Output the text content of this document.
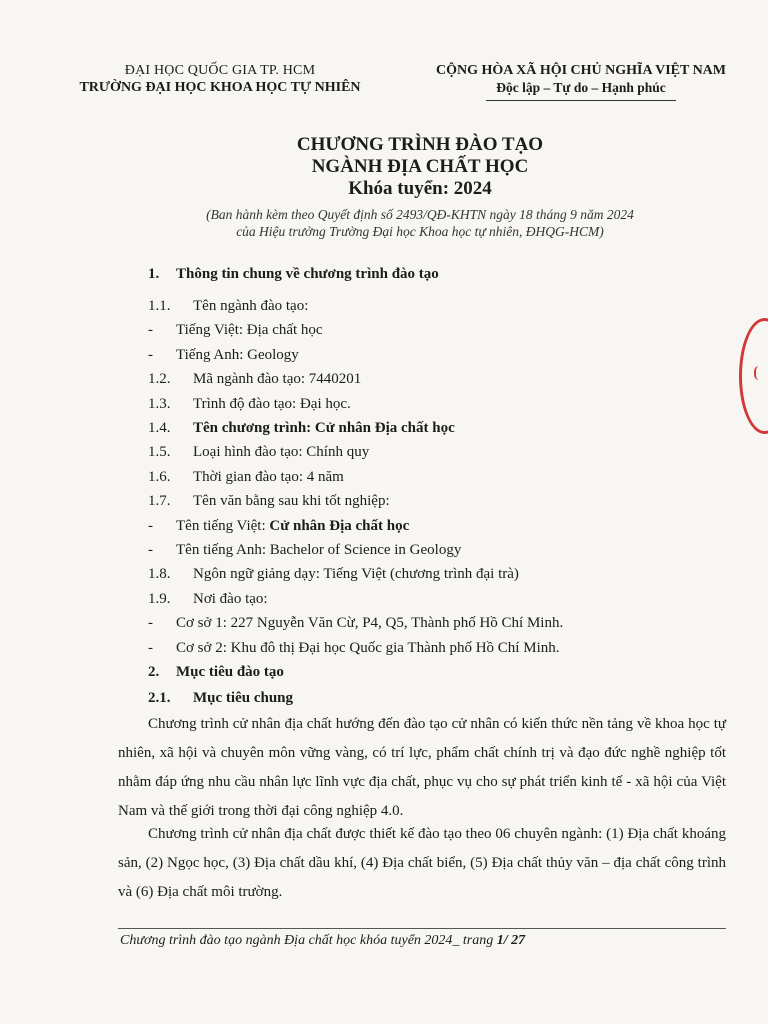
ĐẠI HỌC QUỐC GIA TP. HCM
TRƯỜNG ĐẠI HỌC KHOA HỌC TỰ NHIÊN
CỘNG HÒA XÃ HỘI CHỦ NGHĨA VIỆT NAM
Độc lập – Tự do – Hạnh phúc
CHƯƠNG TRÌNH ĐÀO TẠO
NGÀNH ĐỊA CHẤT HỌC
Khóa tuyển: 2024
(Ban hành kèm theo Quyết định số 2493/QĐ-KHTN ngày 18 tháng 9 năm 2024
của Hiệu trưởng Trường Đại học Khoa học tự nhiên, ĐHQG-HCM)
1. Thông tin chung về chương trình đào tạo
1.1. Tên ngành đào tạo:
- Tiếng Việt: Địa chất học
- Tiếng Anh: Geology
1.2. Mã ngành đào tạo: 7440201
1.3. Trình độ đào tạo: Đại học.
1.4. Tên chương trình: Cử nhân Địa chất học
1.5. Loại hình đào tạo: Chính quy
1.6. Thời gian đào tạo: 4 năm
1.7. Tên văn bằng sau khi tốt nghiệp:
- Tên tiếng Việt: Cử nhân Địa chất học
- Tên tiếng Anh: Bachelor of Science in Geology
1.8. Ngôn ngữ giảng dạy: Tiếng Việt (chương trình đại trà)
1.9. Nơi đào tạo:
- Cơ sở 1: 227 Nguyễn Văn Cừ, P4, Q5, Thành phố Hồ Chí Minh.
- Cơ sở 2: Khu đô thị Đại học Quốc gia Thành phố Hồ Chí Minh.
2. Mục tiêu đào tạo
2.1. Mục tiêu chung
Chương trình cử nhân địa chất hướng đến đào tạo cử nhân có kiến thức nền tảng về khoa học tự nhiên, xã hội và chuyên môn vững vàng, có trí lực, phẩm chất chính trị và đạo đức nghề nghiệp tốt nhằm đáp ứng nhu cầu nhân lực lĩnh vực địa chất, phục vụ cho sự phát triển kinh tế - xã hội của Việt Nam và thế giới trong thời đại công nghiệp 4.0.
Chương trình cử nhân địa chất được thiết kế đào tạo theo 06 chuyên ngành: (1) Địa chất khoáng sản, (2) Ngọc học, (3) Địa chất dầu khí, (4) Địa chất biển, (5) Địa chất thủy văn – địa chất công trình và (6) Địa chất môi trường.
Chương trình đào tạo ngành Địa chất học khóa tuyển 2024_ trang 1/ 27
